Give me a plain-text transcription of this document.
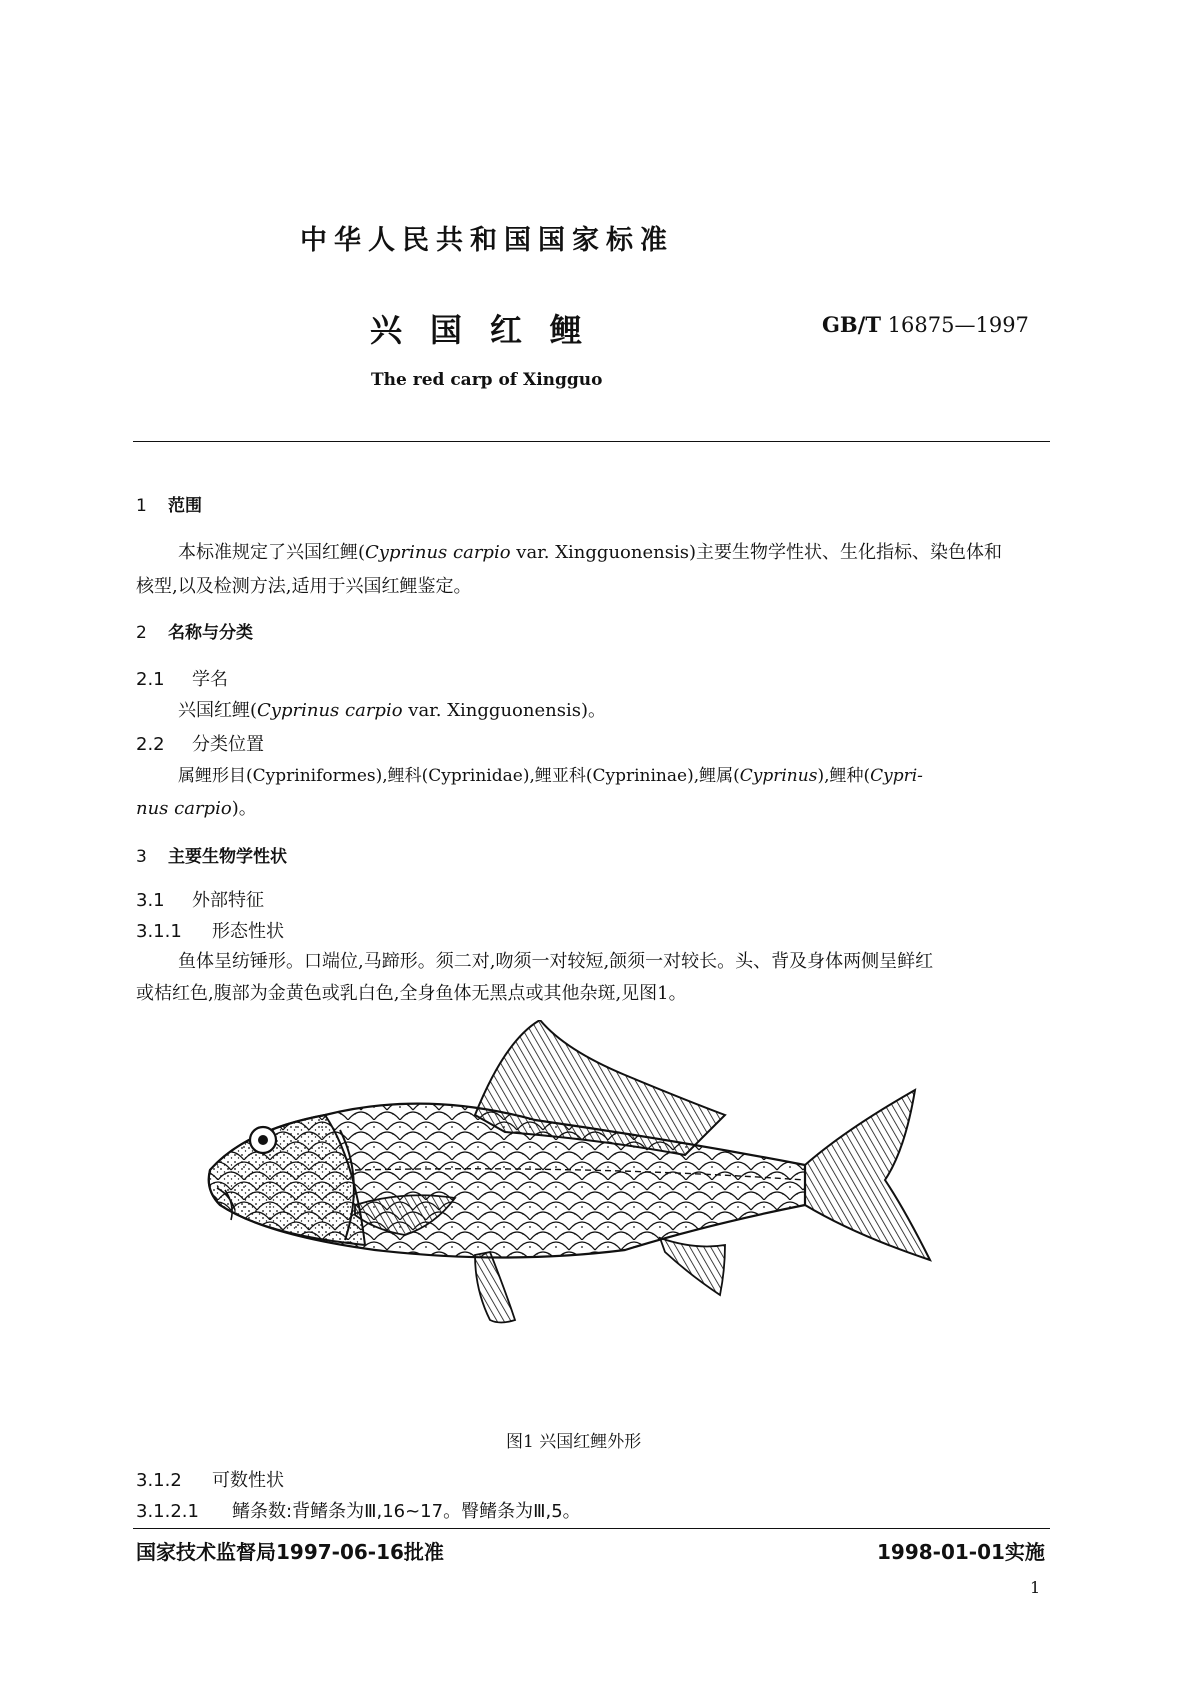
中华人民共和国国家标准
兴国红鲤	GB/T 16875—1997
The red carp of Xingguo
1 范围
本标准规定了兴国红鲤(Cyprinus carpio var. Xingguonensis)主要生物学性状、生化指标、染色体和
核型,以及检测方法,适用于兴国红鲤鉴定。
2 名称与分类
2.1 学名
兴国红鲤(Cyprinus carpio var. Xingguonensis)。
2.2 分类位置
属鲤形目(Cypriniformes),鲤科(Cyprinidae),鲤亚科(Cyprininae),鲤属(Cyprinus),鲤种(Cypri-
nus carpio)。
3 主要生物学性状
3.1 外部特征
3.1.1 形态性状
鱼体呈纺锤形。口端位,马蹄形。须二对,吻须一对较短,颌须一对较长。头、背及身体两侧呈鲜红
或桔红色,腹部为金黄色或乳白色,全身鱼体无黑点或其他杂斑,见图1。
图1 兴国红鲤外形
3.1.2 可数性状
3.1.2.1 鳍条数:背鳍条为Ⅲ,16~17。臀鳍条为Ⅲ,5。
国家技术监督局1997-06-16批准	1998-01-01实施
1
